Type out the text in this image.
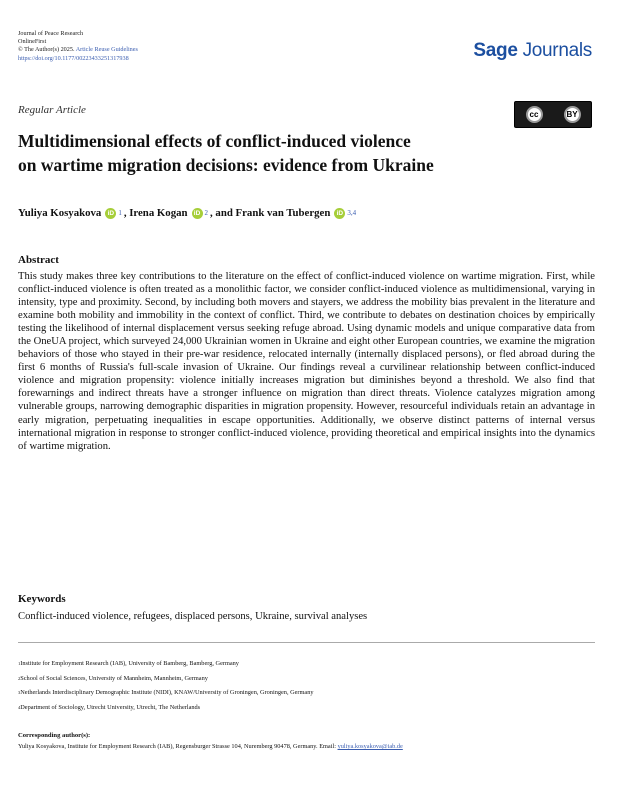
Journal of Peace Research
OnlineFirst
© The Author(s) 2025. Article Reuse Guidelines
https://doi.org/10.1177/00223433251317938	Sage Journals
Regular Article	cc	BY
Multidimensional effects of conflict-induced violence
on wartime migration decisions: evidence from Ukraine
Yuliya Kosyakova iD 1 ,
Irena Kogan iD 2 , and
Frank van Tubergen iD 3,4
Abstract

This study makes three key contributions to the literature on the effect of conflict-induced violence on wartime migration. First, while conflict-induced violence is often treated as a monolithic factor, we consider conflict-induced violence as multidimensional, varying in intensity, type and proximity. Second, by including both movers and stayers, we address the mobility bias prevalent in the literature and examine both mobility and immobility in the context of conflict. Third, we contribute to debates on destination choices by empirically testing the likelihood of internal displacement versus seeking refuge abroad. Using dynamic models and unique comparative data from the OneUA project, which surveyed 24,000 Ukrainian women in Ukraine and eight other European countries, we examine the migration behaviors of those who stayed in their pre-war residence, relocated internally (internally displaced persons), or fled abroad during the first 6 months of Russia's full-scale invasion of Ukraine. Our findings reveal a curvilinear relationship between conflict-induced violence and migration propensity: violence initially increases migration but diminishes beyond a threshold. We also find that forewarnings and indirect threats have a stronger influence on migration than direct threats. Violence catalyzes migration among vulnerable groups, narrowing demographic disparities in migration propensity. However, resourceful individuals retain an advantage in early migration, perpetuating inequalities in escape opportunities. Additionally, we observe distinct patterns of internal versus international migration in response to stronger conflict-induced violence, providing theoretical and empirical insights into the dynamics of wartime migration.

Keywords
Conflict-induced violence, refugees, displaced persons, Ukraine, survival analyses
$^1$Institute for Employment Research (IAB), University of Bamberg, Bamberg, Germany
$^2$School of Social Sciences, University of Mannheim, Mannheim, Germany
$^3$Netherlands Interdisciplinary Demographic Institute (NIDI), KNAW/University of Groningen, Groningen, Germany
$^4$Department of Sociology, Utrecht University, Utrecht, The Netherlands
Corresponding author(s):
Yuliya Kosyakova, Institute for Employment Research (IAB), Regensburger Strasse 104, Nuremberg 90478, Germany. Email: yuliya.kosyakova@iab.de
